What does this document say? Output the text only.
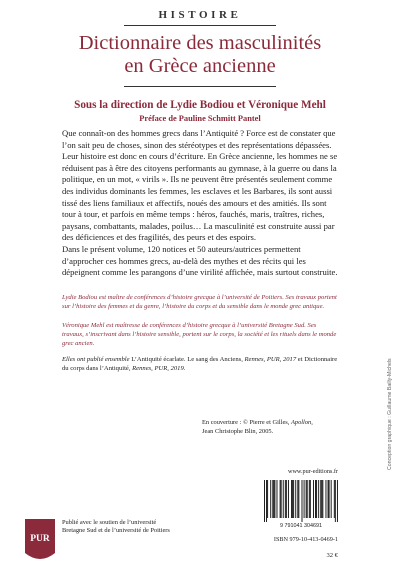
HISTOIRE
Dictionnaire des masculinités
en Grèce ancienne
Sous la direction de Lydie Bodiou et Véronique Mehl
Préface de Pauline Schmitt Pantel

Que connaît-on des hommes grecs dans l’Antiquité ? Force est de constater que l’on sait peu de choses, sinon des stéréotypes et des représentations dépassées. Leur histoire est donc en cours d’écriture. En Grèce ancienne, les hommes ne se réduisent pas à être des citoyens performants au gymnase, à la guerre ou dans la politique, en un mot, « virils ». Ils ne peuvent être présentés seulement comme des individus dominants les femmes, les esclaves et les Barbares, ils sont aussi tissé des liens familiaux et affectifs, noués des amours et des amitiés. Ils sont tour à tour, et parfois en même temps : héros, fauchés, maris, traîtres, riches, paysans, combattants, malades, poilus… La masculinité est construite aussi par des déficiences et des fragilités, des peurs et des espoirs.

Dans le présent volume, 120 notices et 50 auteurs/autrices permettent d’approcher ces hommes grecs, au-delà des mythes et des récits qui les dépeignent comme les parangons d’une virilité affichée, mais surtout construite.

Lydie Bodiou est maître de conférences d’histoire grecque à l’université de Poitiers. Ses travaux portent sur l’histoire des femmes et du genre, l’histoire du corps et du sensible dans le monde grec antique.
Véronique Mehl est maîtresse de conférences d’histoire grecque à l’université Bretagne Sud. Ses travaux, s’inscrivant dans l’histoire sensible, portent sur le corps, la société et les rituels dans le monde grec ancien.
Elles ont publié ensemble L’Antiquité écarlate. Le sang des Anciens, Rennes, PUR, 2017 et Dictionnaire du corps dans l’Antiquité, Rennes, PUR, 2019.
En couverture : © Pierre et Gilles, Apollon,
Jean Christophe Blin, 2005.
www.pur-editions.fr
9 791041 304691
ISBN 979-10-413-0469-1
32 €
PUR
Publié avec le soutien de l’université
Bretagne Sud et de l’université de Poitiers
Conception graphique : Guillaume Bailly-Michels
